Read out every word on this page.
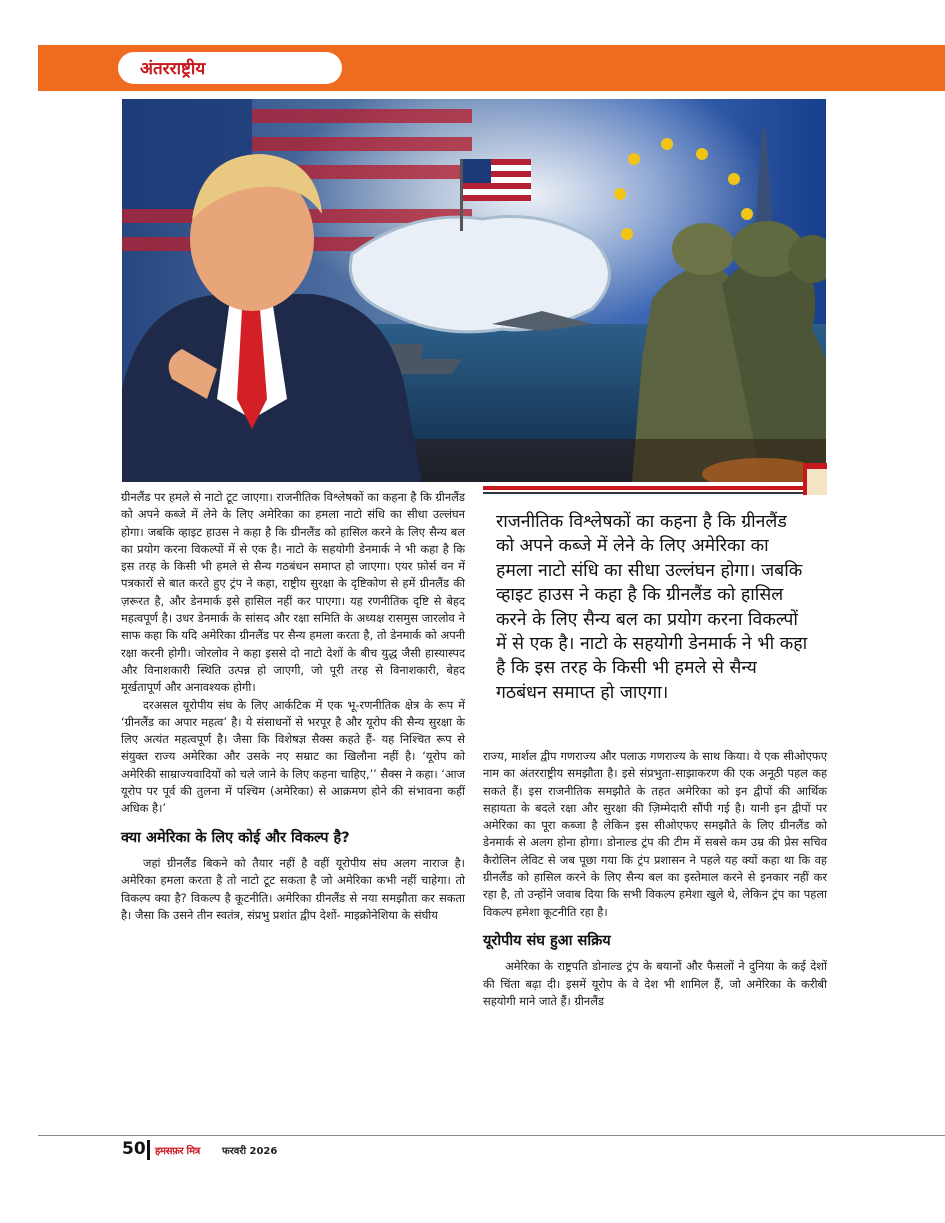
अंतरराष्ट्रीय

ग्रीनलैंड पर हमले से नाटो टूट जाएगा। राजनीतिक विश्लेषकों का कहना है कि ग्रीनलैंड को अपने कब्जे में लेने के लिए अमेरिका का हमला नाटो संधि का सीधा उल्लंघन होगा। जबकि व्हाइट हाउस ने कहा है कि ग्रीनलैंड को हासिल करने के लिए सैन्य बल का प्रयोग करना विकल्पों में से एक है। नाटो के सहयोगी डेनमार्क ने भी कहा है कि इस तरह के किसी भी हमले से सैन्य गठबंधन समाप्त हो जाएगा। एयर फ़ोर्स वन में पत्रकारों से बात करते हुए ट्रंप ने कहा, राष्ट्रीय सुरक्षा के दृष्टिकोण से हमें ग्रीनलैंड की ज़रूरत है, और डेनमार्क इसे हासिल नहीं कर पाएगा। यह रणनीतिक दृष्टि से बेहद महत्वपूर्ण है। उधर डेनमार्क के सांसद और रक्षा समिति के अध्यक्ष रासमुस जारलोव ने साफ कहा कि यदि अमेरिका ग्रीनलैंड पर सैन्य हमला करता है, तो डेनमार्क को अपनी रक्षा करनी होगी। जोरलोव ने कहा इससे दो नाटो देशों के बीच युद्ध जैसी हास्यास्पद और विनाशकारी स्थिति उत्पन्न हो जाएगी, जो पूरी तरह से विनाशकारी, बेहद मूर्खतापूर्ण और अनावश्यक होगी।

दरअसल यूरोपीय संघ के लिए आर्कटिक में एक भू-रणनीतिक क्षेत्र के रूप में ‘ग्रीनलैंड का अपार महत्व’ है। ये संसाधनों से भरपूर है और यूरोप की सैन्य सुरक्षा के लिए अत्यंत महत्वपूर्ण है। जैसा कि विशेषज्ञ सैक्स कहते हैं- यह निश्चित रूप से संयुक्त राज्य अमेरिका और उसके नए सम्राट का खिलौना नहीं है। ‘यूरोप को अमेरिकी साम्राज्यवादियों को चले जाने के लिए कहना चाहिए,’’ सैक्स ने कहा। ‘आज यूरोप पर पूर्व की तुलना में पश्चिम (अमेरिका) से आक्रमण होने की संभावना कहीं अधिक है।’

क्या अमेरिका के लिए कोई और विकल्प है?

जहां ग्रीनलैंड बिकने को तैयार नहीं है वहीं यूरोपीय संघ अलग नाराज है। अमेरिका हमला करता है तो नाटो टूट सकता है जो अमेरिका कभी नहीं चाहेगा। तो विकल्प क्या है? विकल्प है कूटनीति। अमेरिका ग्रीनलैंड से नया समझौता कर सकता है। जैसा कि उसने तीन स्वतंत्र, संप्रभु प्रशांत द्वीप देशों- माइक्रोनेशिया के संघीय

राजनीतिक विश्लेषकों का कहना है कि ग्रीनलैंड को अपने कब्जे में लेने के लिए अमेरिका का हमला नाटो संधि का सीधा उल्लंघन होगा। जबकि व्हाइट हाउस ने कहा है कि ग्रीनलैंड को हासिल करने के लिए सैन्य बल का प्रयोग करना विकल्पों में से एक है। नाटो के सहयोगी डेनमार्क ने भी कहा है कि इस तरह के किसी भी हमले से सैन्य गठबंधन समाप्त हो जाएगा।

राज्य, मार्शल द्वीप गणराज्य और पलाऊ गणराज्य के साथ किया। ये एक सीओएफए नाम का अंतरराष्ट्रीय समझौता है। इसे संप्रभुता-साझाकरण की एक अनूठी पहल कह सकते हैं। इस राजनीतिक समझौते के तहत अमेरिका को इन द्वीपों की आर्थिक सहायता के बदले रक्षा और सुरक्षा की ज़िम्मेदारी सौंपी गई है। यानी इन द्वीपों पर अमेरिका का पूरा कब्जा है लेकिन इस सीओएफए समझौते के लिए ग्रीनलैंड को डेनमार्क से अलग होना होगा। डोनाल्ड ट्रंप की टीम में सबसे कम उम्र की प्रेस सचिव कैरोलिन लेविट से जब पूछा गया कि ट्रंप प्रशासन ने पहले यह क्यों कहा था कि वह ग्रीनलैंड को हासिल करने के लिए सैन्य बल का इस्तेमाल करने से इनकार नहीं कर रहा है, तो उन्होंने जवाब दिया कि सभी विकल्प हमेशा खुले थे, लेकिन ट्रंप का पहला विकल्प हमेशा कूटनीति रहा है।

यूरोपीय संघ हुआ सक्रिय

अमेरिका के राष्ट्रपति डोनाल्ड ट्रंप के बयानों और फैसलों ने दुनिया के कई देशों की चिंता बढ़ा दी। इसमें यूरोप के वे देश भी शामिल हैं, जो अमेरिका के करीबी सहयोगी माने जाते हैं। ग्रीनलैंड

50 हमसफ़र मित्र फरवरी 2026
